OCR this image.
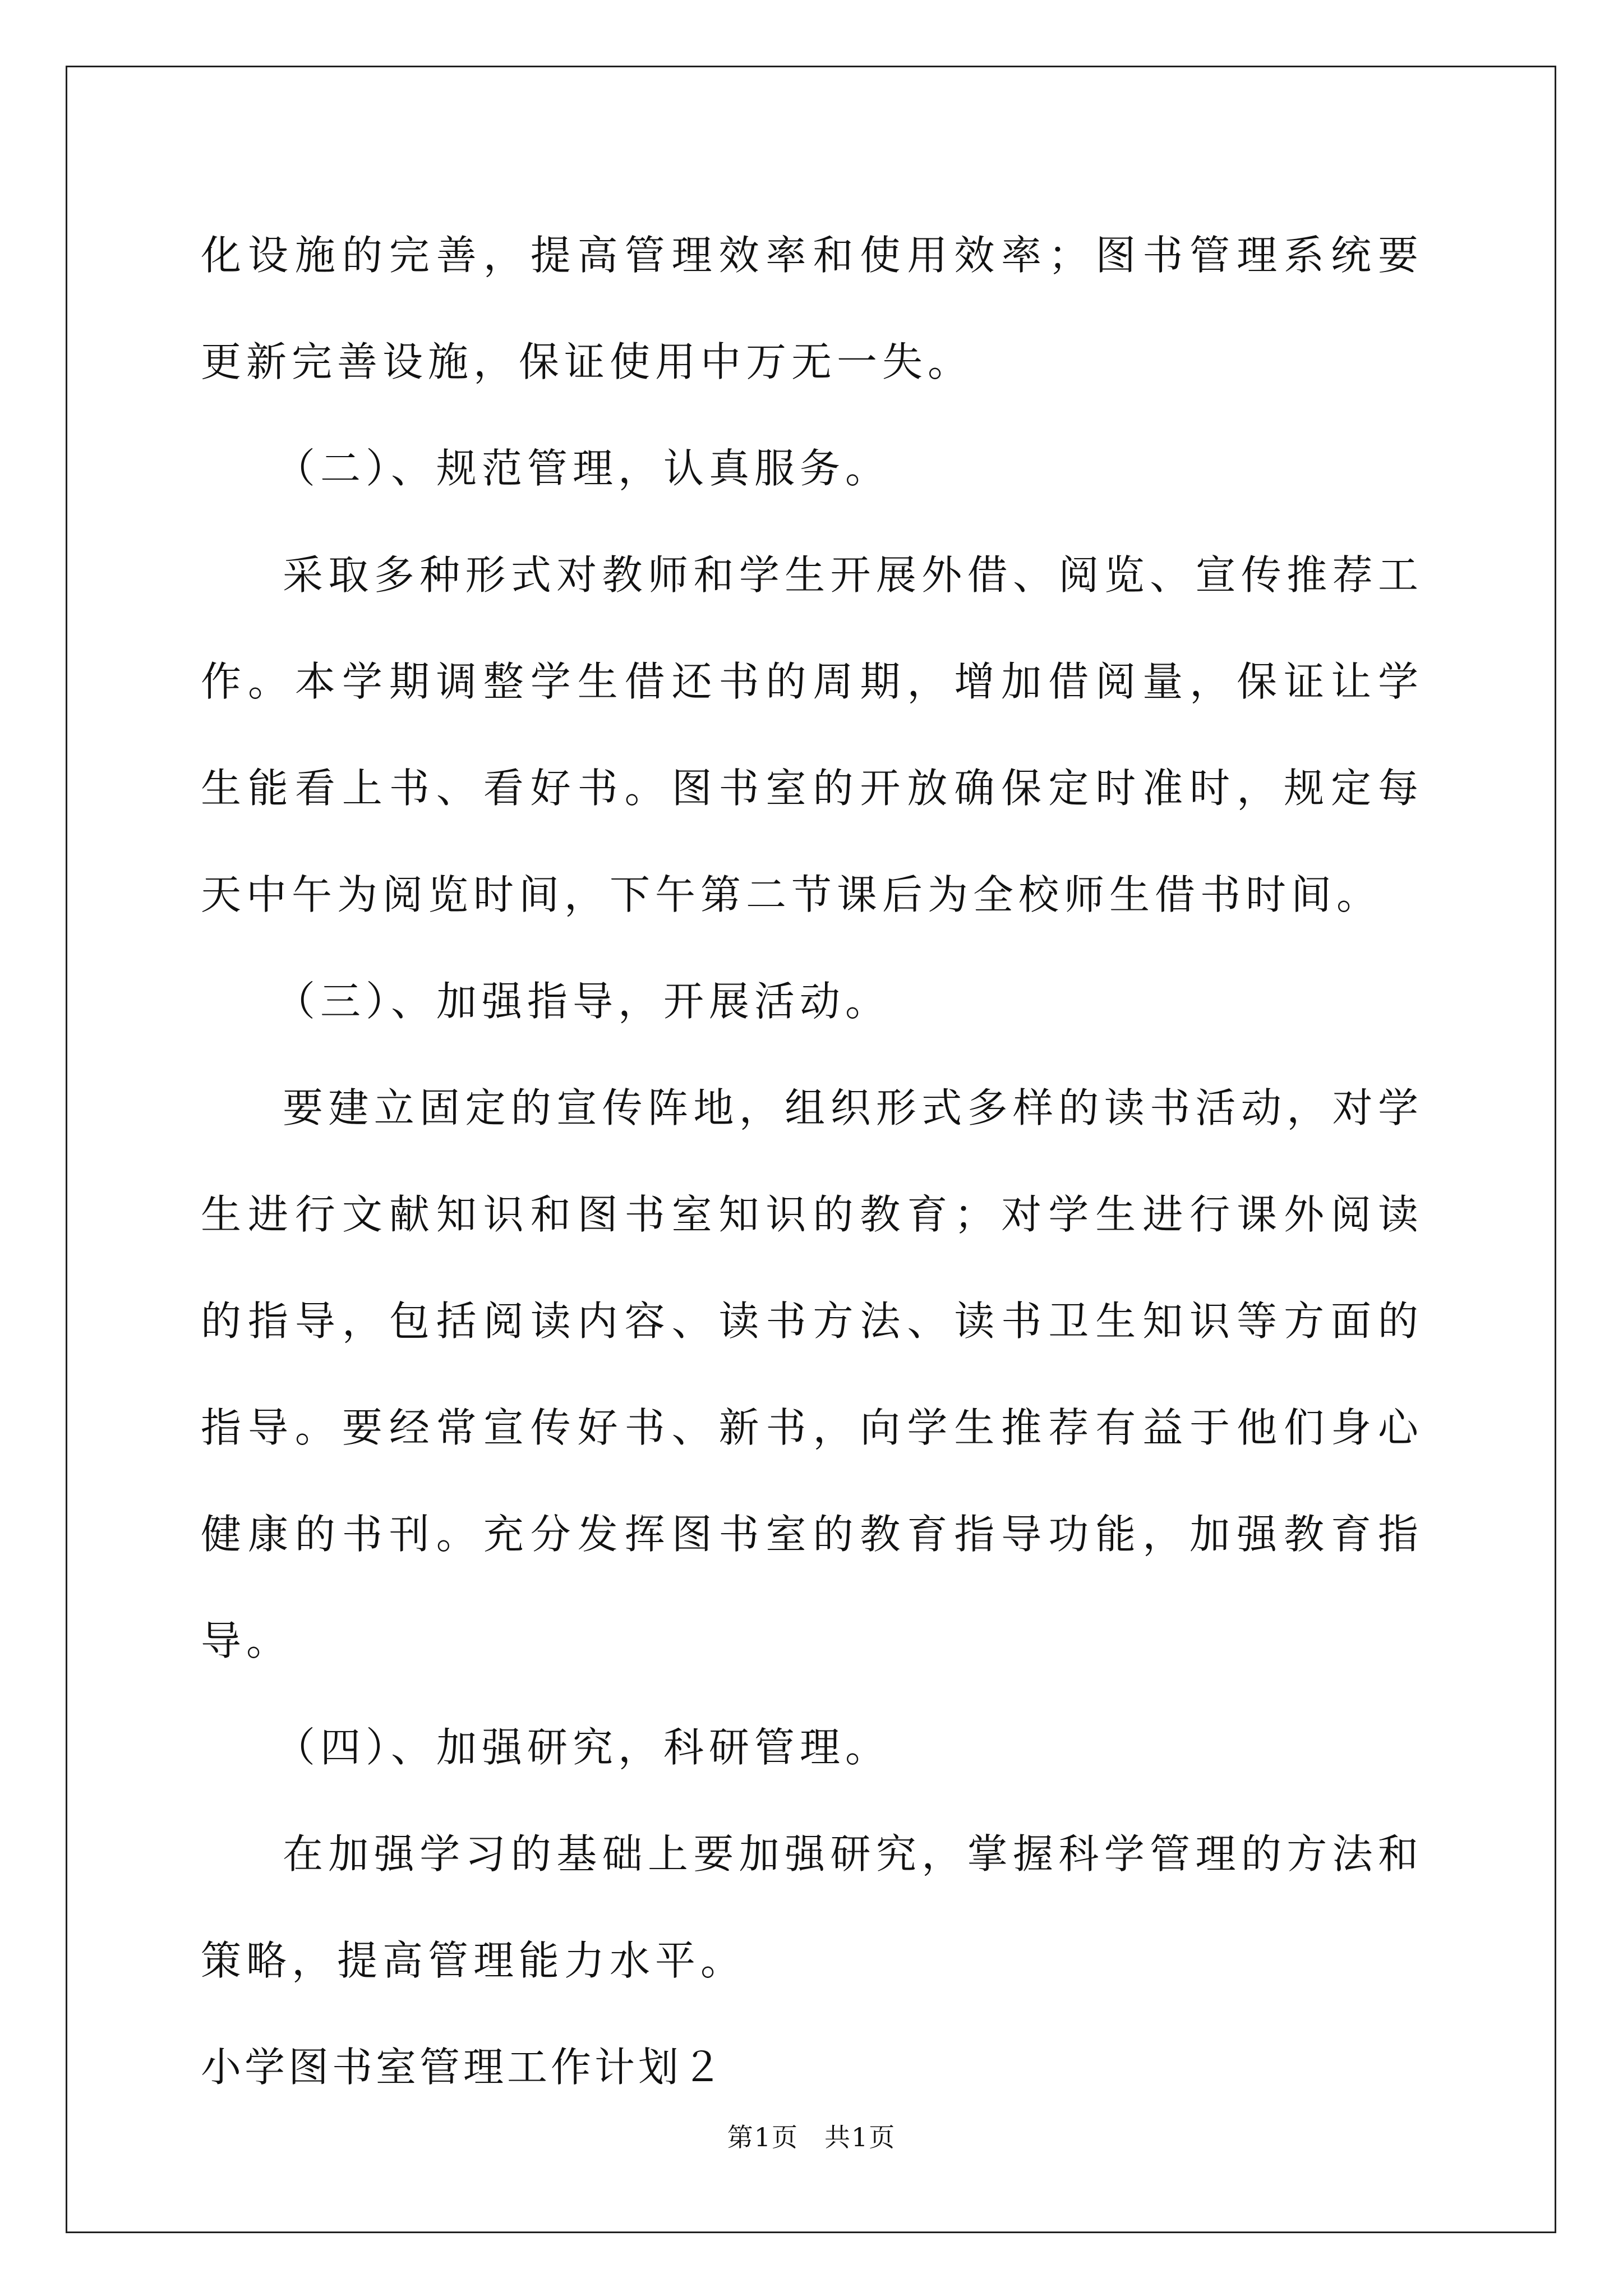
化设施的完善，提高管理效率和使用效率；图书管理系统要更新完善设施，保证使用中万无一失。

（二）、规范管理，认真服务。

采取多种形式对教师和学生开展外借、阅览、宣传推荐工作。本学期调整学生借还书的周期，增加借阅量，保证让学生能看上书、看好书。图书室的开放确保定时准时，规定每天中午为阅览时间，下午第二节课后为全校师生借书时间。

（三）、加强指导，开展活动。

要建立固定的宣传阵地，组织形式多样的读书活动，对学生进行文献知识和图书室知识的教育；对学生进行课外阅读的指导，包括阅读内容、读书方法、读书卫生知识等方面的指导。要经常宣传好书、新书，向学生推荐有益于他们身心健康的书刊。充分发挥图书室的教育指导功能，加强教育指导。

（四）、加强研究，科研管理。

在加强学习的基础上要加强研究，掌握科学管理的方法和策略，提高管理能力水平。

小学图书室管理工作计划２

第1页 共1页
